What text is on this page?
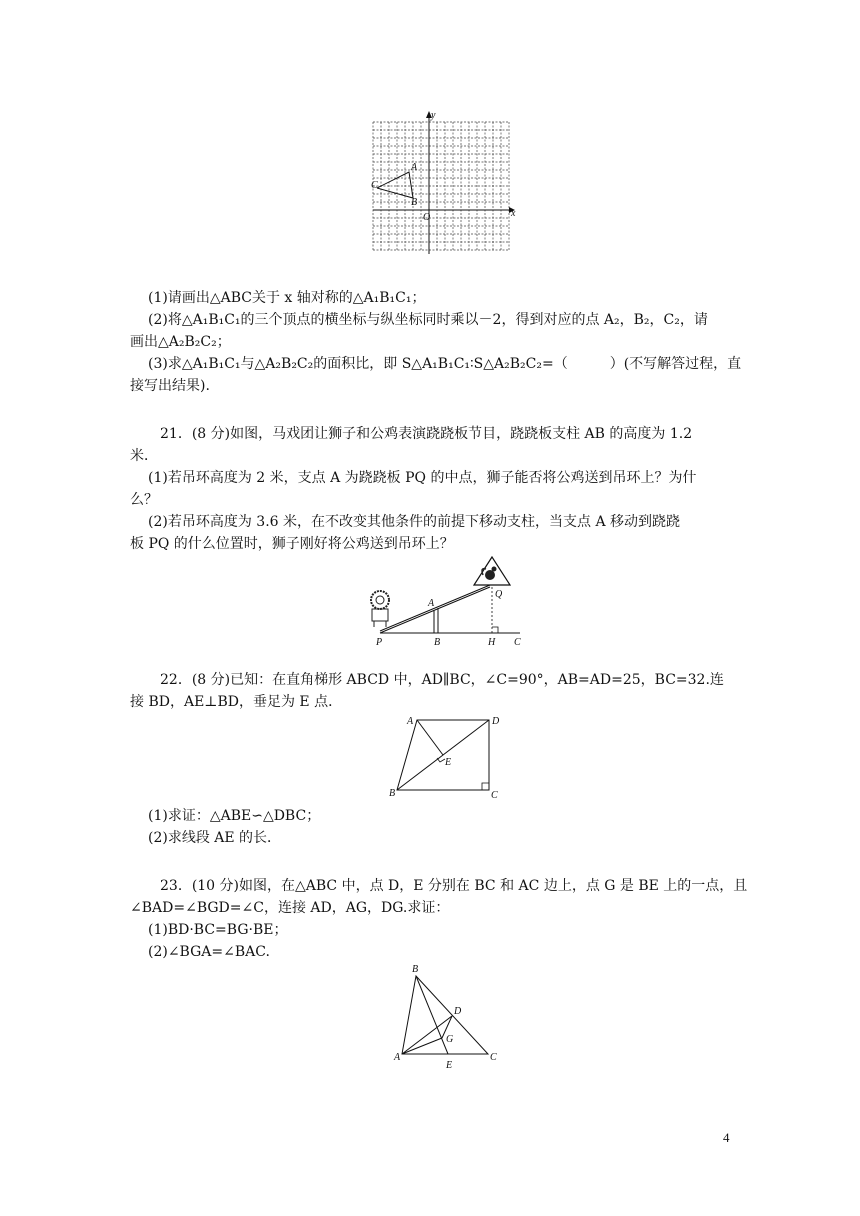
y
x
O
C
B
A
(1)请画出△ABC关于 x 轴对称的△A₁B₁C₁；
(2)将△A₁B₁C₁的三个顶点的横坐标与纵坐标同时乘以－2，得到对应的点 A₂，B₂，C₂，请
画出△A₂B₂C₂；
(3)求△A₁B₁C₁与△A₂B₂C₂的面积比，即 S△A₁B₁C₁∶S△A₂B₂C₂=（　　　）(不写解答过程，直
接写出结果).
21．(8 分)如图，马戏团让狮子和公鸡表演跷跷板节目，跷跷板支柱 AB 的高度为 1.2
米．
(1)若吊环高度为 2 米，支点 A 为跷跷板 PQ 的中点，狮子能否将公鸡送到吊环上？为什
么？
(2)若吊环高度为 3.6 米，在不改变其他条件的前提下移动支柱，当支点 A 移动到跷跷
板 PQ 的什么位置时，狮子刚好将公鸡送到吊环上？
A
Q
P	B	H C
22．(8 分)已知：在直角梯形 ABCD 中，AD∥BC，∠C=90°，AB=AD=25，BC=32.连
接 BD，AE⊥BD，垂足为 E 点．
A	D
E
B	C
(1)求证：△ABE∽△DBC；
(2)求线段 AE 的长．
23．(10 分)如图，在△ABC 中，点 D，E 分别在 BC 和 AC 边上，点 G 是 BE 上的一点，且
∠BAD=∠BGD=∠C，连接 AD，AG，DG.求证：
(1)BD·BC=BG·BE；
(2)∠BGA=∠BAC.
B
D
G
A
E
C
4
